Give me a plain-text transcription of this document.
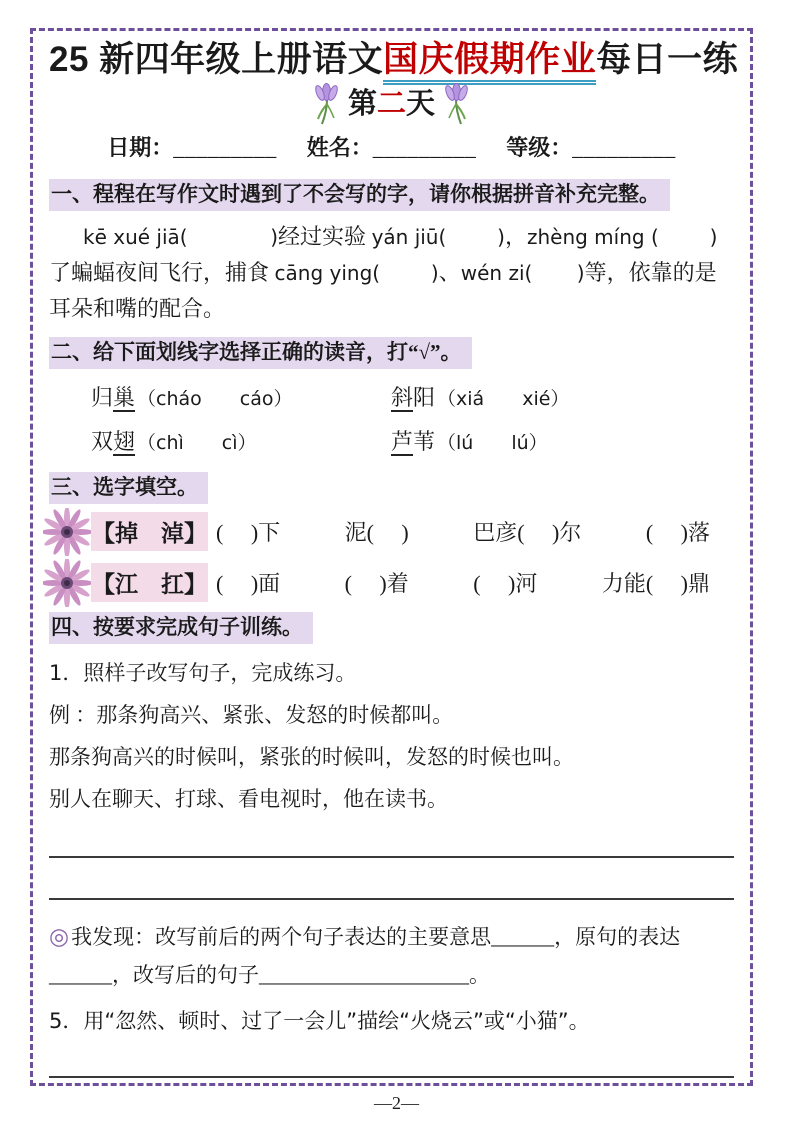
25 新四年级上册语文国庆假期作业每日一练
第二天
日期：_________ 姓名：_________ 等级：_________
一、程程在写作文时遇到了不会写的字，请你根据拼音补充完整。
kē xué jiā(             )经过实验 yán jiū(        )，zhèng míng (        )了蝙蝠夜间飞行，捕食 cāng ying(        )、wén zi(       )等，依靠的是耳朵和嘴的配合。
二、给下面划线字选择正确的读音，打“√”。
归巢 （cháo　　cáo）	斜阳 （xiá　　xié）
双翅 （chì　　cì）	芦苇 （lú　　lú）
三、选字填空。
【掉　淖】 (     )下	泥(     )	巴彦(     )尔	(     )落
【江　扛】 (     )面	(     )着	(     )河	力能(     )鼎
四、按要求完成句子训练。
1．照样子改写句子，完成练习。
例 ：那条狗高兴、紧张、发怒的时候都叫。
那条狗高兴的时候叫，紧张的时候叫，发怒的时候也叫。
别人在聊天、打球、看电视时，他在读书。
◎我发现：改写前后的两个句子表达的主要意思______，原句的表达______，改写后的句子____________________。
5．用“忽然、顿时、过了一会儿”描绘“火烧云”或“小猫”。
—2—
